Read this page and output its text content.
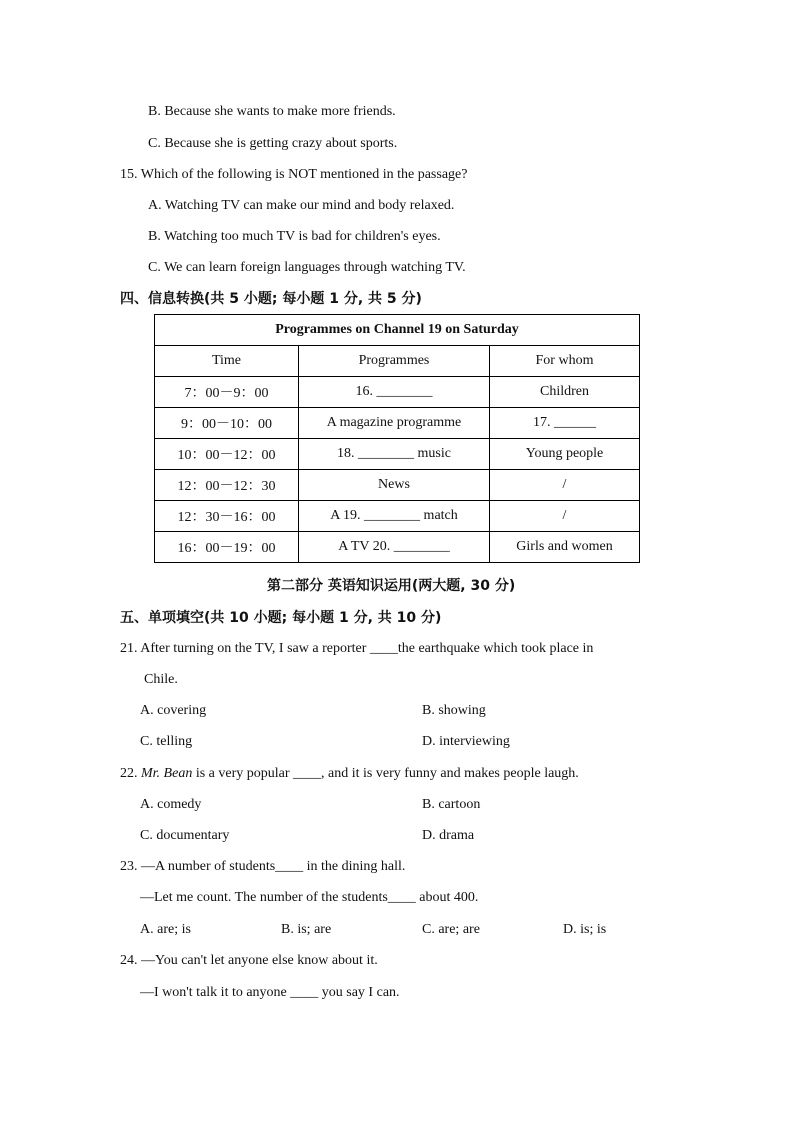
B. Because she wants to make more friends.
C. Because she is getting crazy about sports.
15. Which of the following is NOT mentioned in the passage?
A. Watching TV can make our mind and body relaxed.
B. Watching too much TV is bad for children's eyes.
C. We can learn foreign languages through watching TV.
四、信息转换(共 5 小题; 每小题 1 分, 共 5 分)
Programmes on Channel 19 on Saturday		
Time	Programmes	For whom
7：00－9：00	16. ________	Children
9：00－10：00	A magazine programme	17. ______
10：00－12：00	18. ________ music	Young people
12：00－12：30	News	/
12：30－16：00	A 19. ________ match	/
16：00－19：00	A TV 20. ________	Girls and women
第二部分 英语知识运用(两大题, 30 分)
五、单项填空(共 10 小题; 每小题 1 分, 共 10 分)
21. After turning on the TV, I saw a reporter ____the earthquake which took place in
Chile.
A. covering	B. showing
C. telling	D. interviewing
22. Mr. Bean is a very popular ____, and it is very funny and makes people laugh.
A. comedy	B. cartoon
C. documentary	D. drama
23. —A number of students____ in the dining hall.
—Let me count. The number of the students____ about 400.
A. are; is	B. is; are	C. are; are	D. is; is
24. —You can't let anyone else know about it.
—I won't talk it to anyone ____ you say I can.
